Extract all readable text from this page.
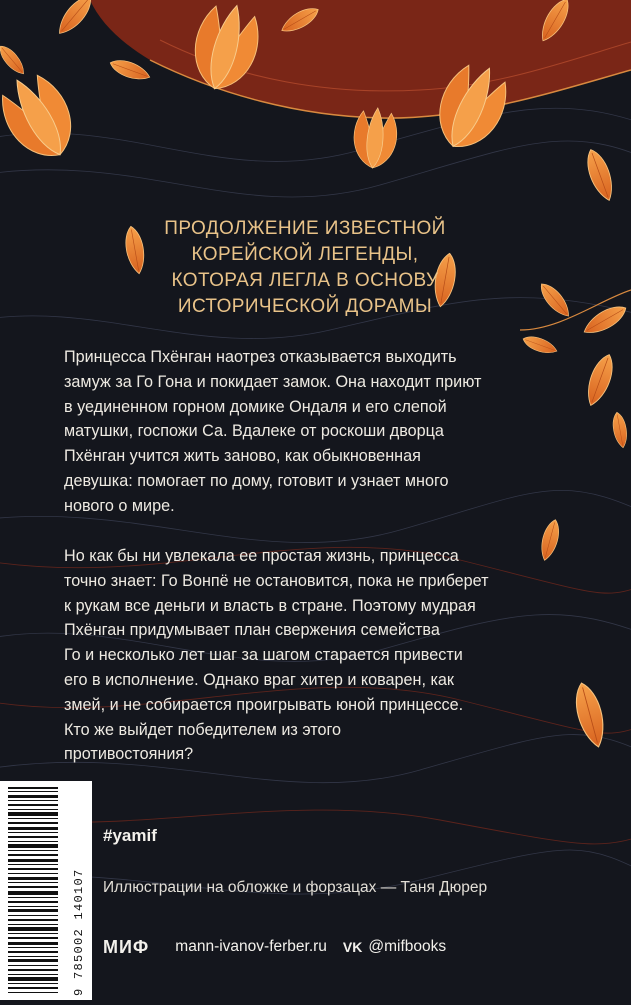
ПРОДОЛЖЕНИЕ ИЗВЕСТНОЙ
КОРЕЙСКОЙ ЛЕГЕНДЫ,
КОТОРАЯ ЛЕГЛА В ОСНОВУ
ИСТОРИЧЕСКОЙ ДОРАМЫ
Принцесса Пхёнган наотрез отказывается выходить
замуж за Го Гона и покидает замок. Она находит приют
в уединенном горном домике Ондаля и его слепой
матушки, госпожи Са. Вдалеке от роскоши дворца
Пхёнган учится жить заново, как обыкновенная
девушка: помогает по дому, готовит и узнает много
нового о мире.
Но как бы ни увлекала ее простая жизнь, принцесса
точно знает: Го Вонпё не остановится, пока не приберет
к рукам все деньги и власть в стране. Поэтому мудрая
Пхёнган придумывает план свержения семейства
Го и несколько лет шаг за шагом старается привести
его в исполнение. Однако враг хитер и коварен, как
змей, и не собирается проигрывать юной принцессе.
Кто же выйдет победителем из этого
противостояния?
9 785002 140107
#yamif
Иллюстрации на обложке и форзацах — Таня Дюрер
МИФ mann-ivanov-ferber.ru VK @mifbooks
